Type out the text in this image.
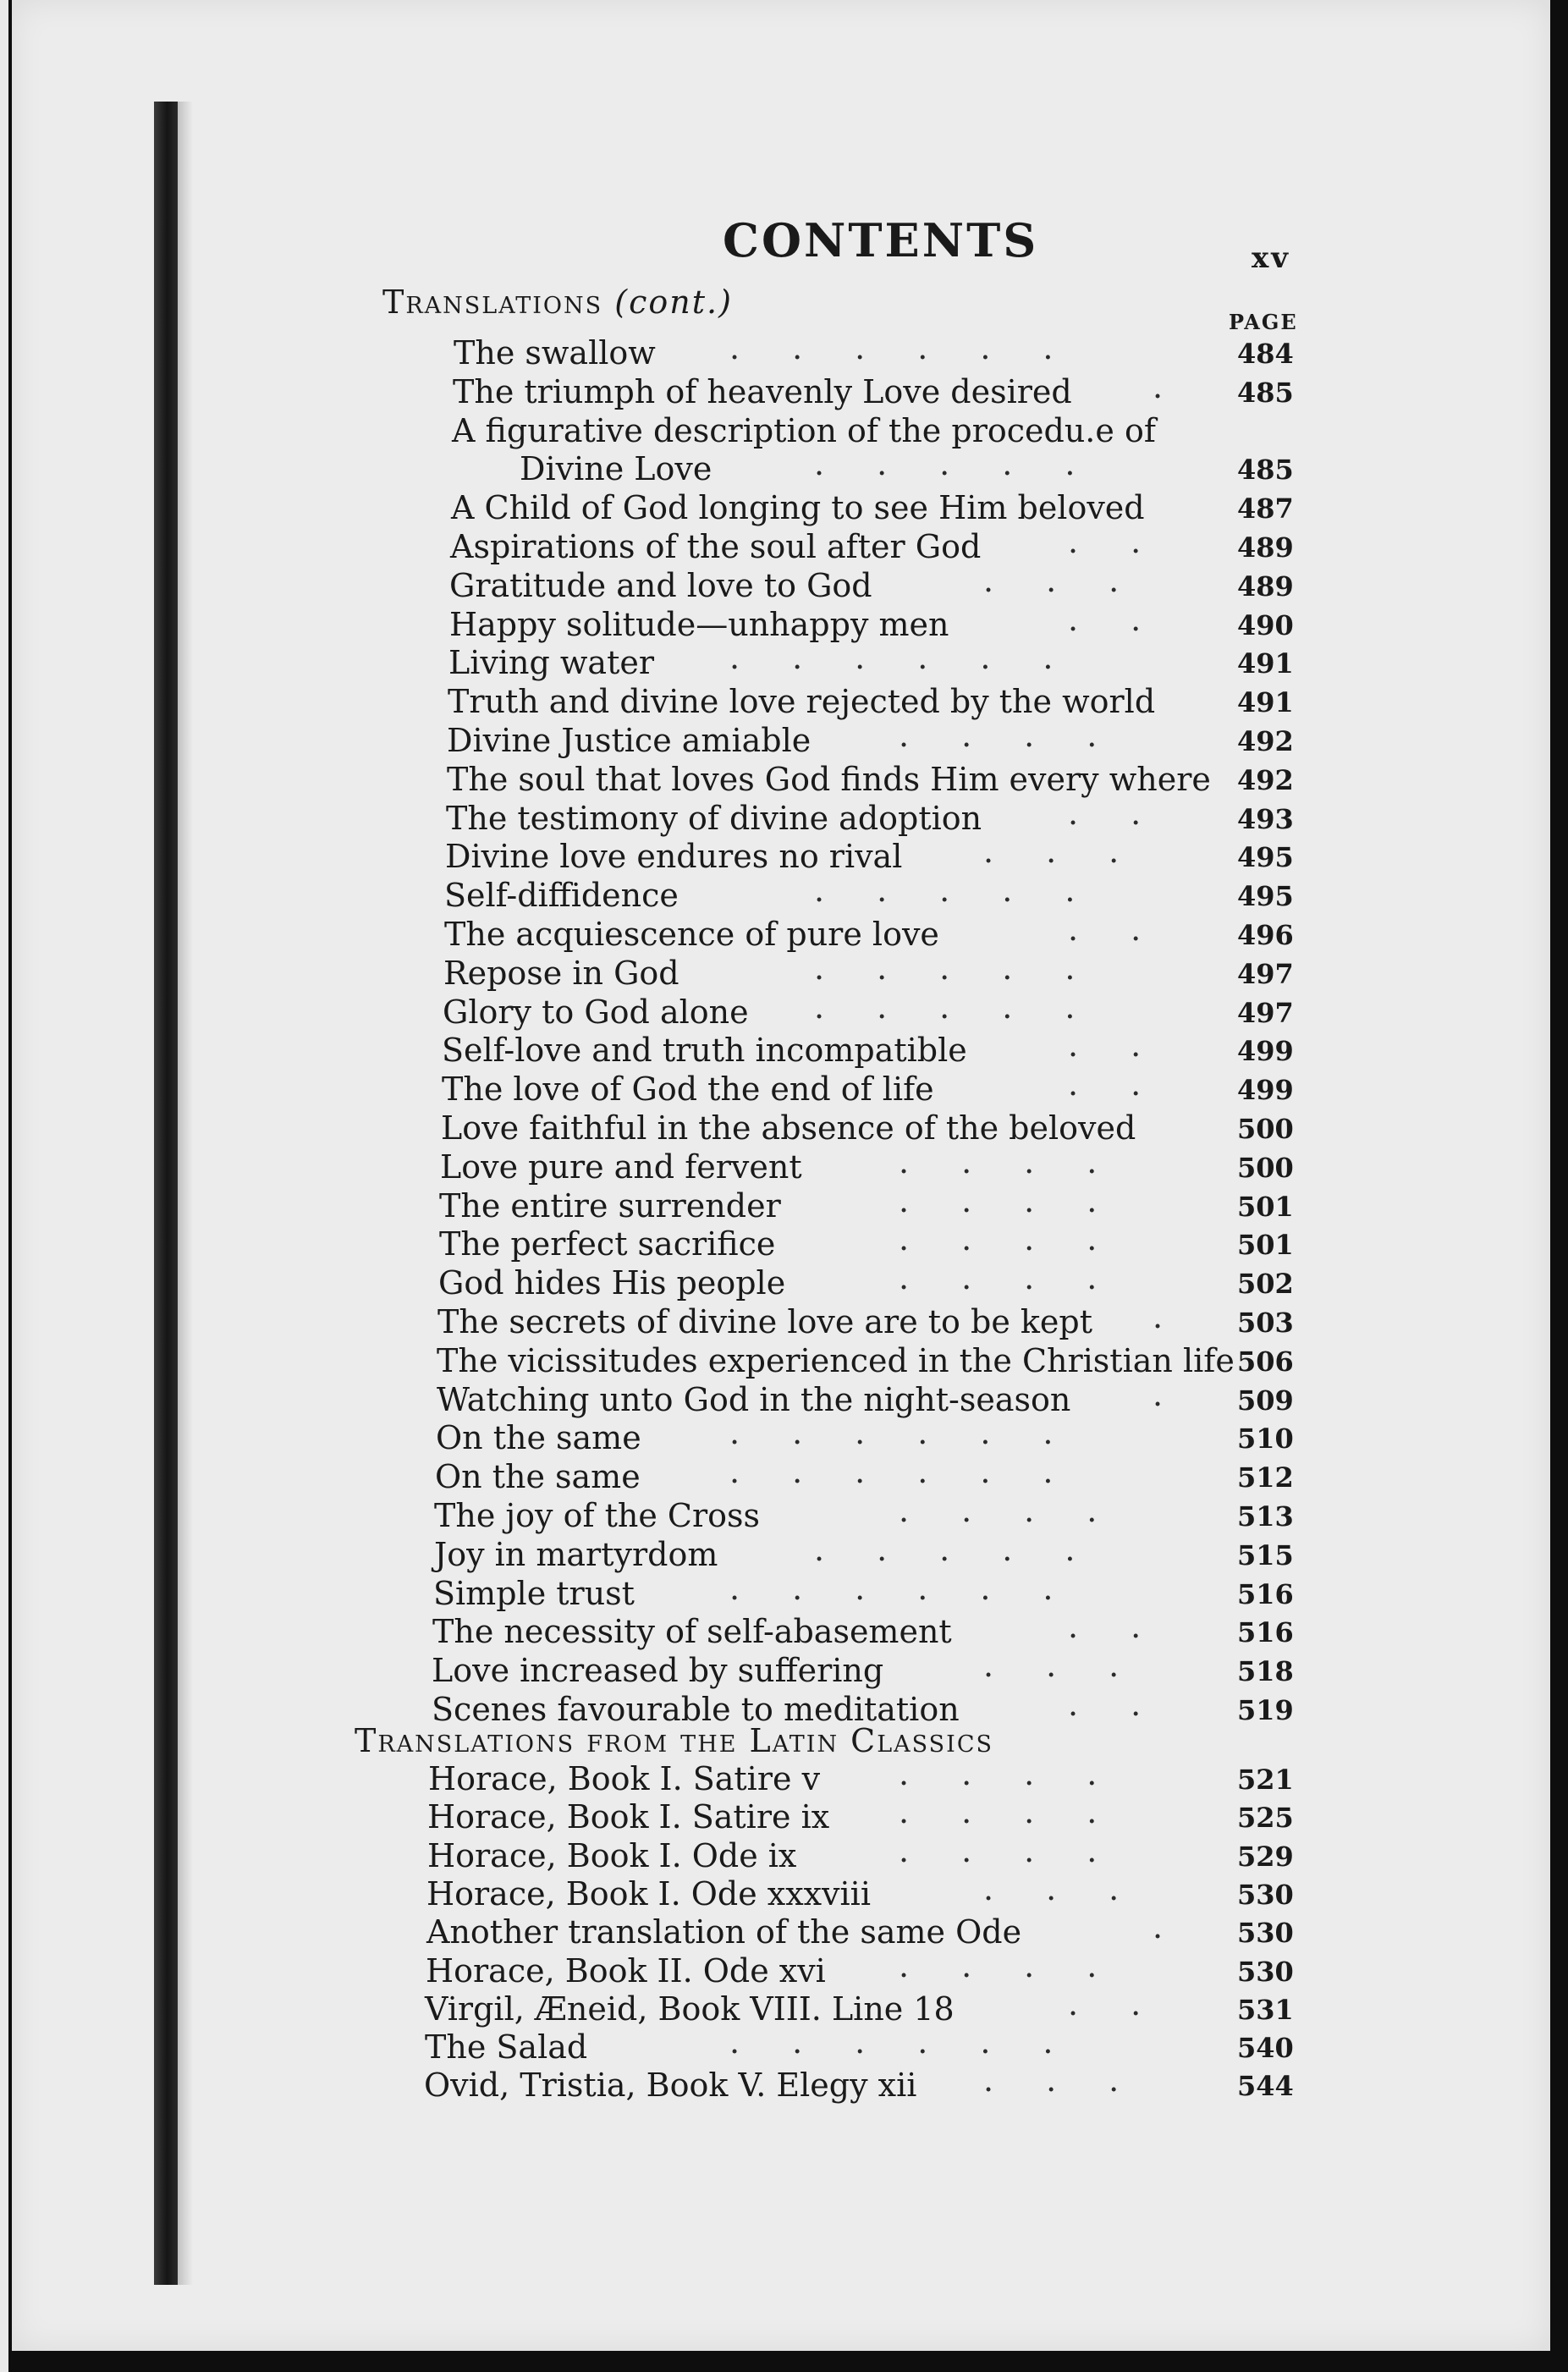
CONTENTS	xv
Translations (cont.)
PAGE
Translations from the Latin Classics
The swallow ......	484
The triumph of heavenly Love desired	. 485
A figurative description of the procedu.e of
Divine Love	.....	485
A Child of God longing to see Him beloved	487
Aspirations of the soul after God	.. 489
Gratitude and love to God	... 489
Happy solitude—unhappy men	.. 490
Living water ......	491
Truth and divine love rejected by the world	491
Divine Justice amiable	....	492
The soul that loves God finds Him every where 492
The testimony of divine adoption	.. 493
Divine love endures no rival	... 495
Self-diffidence	.....	495
The acquiescence of pure love	.. 496
Repose in God	.....	497
Glory to God alone .....	497
Self-love and truth incompatible	.. 499
The love of God the end of life	.. 499
Love faithful in the absence of the beloved	500
Love pure and fervent	....	500
The entire surrender	....	501
The perfect sacrifice	....	501
God hides His people	....	502
The secrets of divine love are to be kept . 503
The vicissitudes experienced in the Christian life 506
Watching unto God in the night-season	. 509
On the same	......	510
On the same	......	512
The joy of the Cross	....	513
Joy in martyrdom	.....	515
Simple trust	......	516
The necessity of self-abasement	.. 516
Love increased by suffering	... 518
Scenes favourable to meditation	.. 519
Horace, Book I. Satire v ....	521
Horace, Book I. Satire ix ....	525
Horace, Book I. Ode ix	....	529
Horace, Book I. Ode xxxviii	... 530
Another translation of the same Ode	. 530
Horace, Book II. Ode xvi ....	530
Virgil, Æneid, Book VIII. Line 18	.. 531
The Salad	......	540
Ovid, Tristia, Book V. Elegy xii ... 544
